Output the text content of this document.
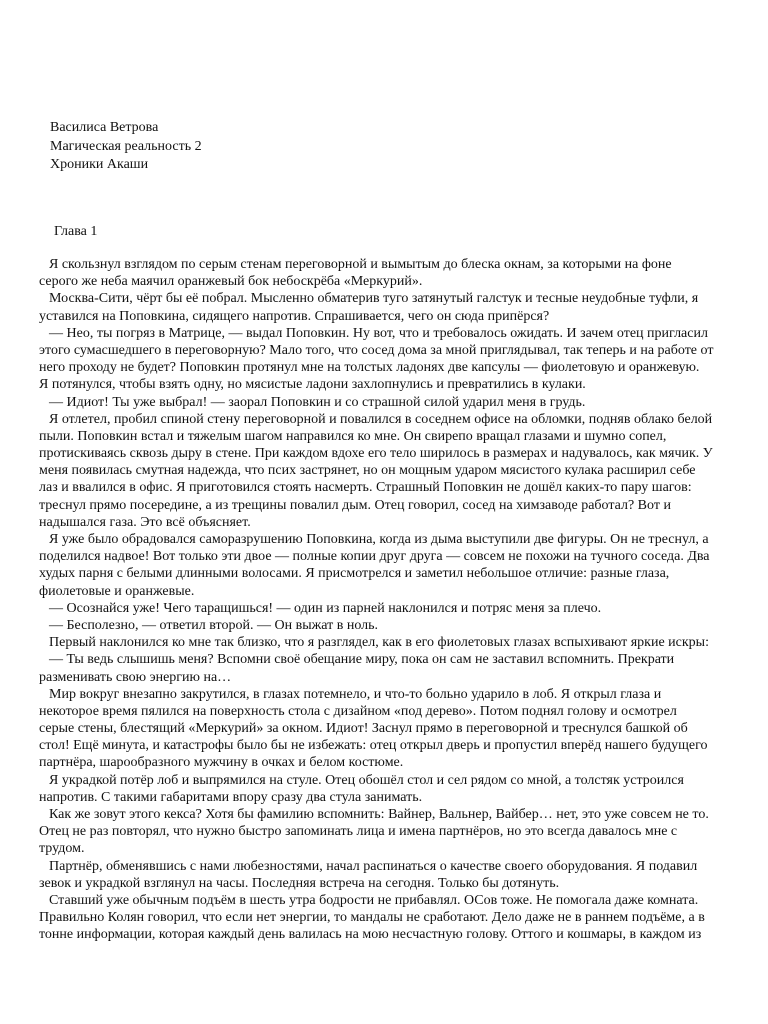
Василиса Ветрова
Магическая реальность 2
Хроники Акаши
Глава 1
Я скользнул взглядом по серым стенам переговорной и вымытым до блеска окнам, за которыми на фоне
серого же неба маячил оранжевый бок небоскрёба «Меркурий».
Москва-Сити, чёрт бы её побрал. Мысленно обматерив туго затянутый галстук и тесные неудобные туфли, я
уставился на Поповкина, сидящего напротив. Спрашивается, чего он сюда припёрся?
— Нео, ты погряз в Матрице, — выдал Поповкин. Ну вот, что и требовалось ожидать. И зачем отец пригласил
этого сумасшедшего в переговорную? Мало того, что сосед дома за мной приглядывал, так теперь и на работе от
него проходу не будет? Поповкин протянул мне на толстых ладонях две капсулы — фиолетовую и оранжевую.
Я потянулся, чтобы взять одну, но мясистые ладони захлопнулись и превратились в кулаки.
— Идиот! Ты уже выбрал! — заорал Поповкин и со страшной силой ударил меня в грудь.
Я отлетел, пробил спиной стену переговорной и повалился в соседнем офисе на обломки, подняв облако белой
пыли. Поповкин встал и тяжелым шагом направился ко мне. Он свирепо вращал глазами и шумно сопел,
протискиваясь сквозь дыру в стене. При каждом вдохе его тело ширилось в размерах и надувалось, как мячик. У
меня появилась смутная надежда, что псих застрянет, но он мощным ударом мясистого кулака расширил себе
лаз и ввалился в офис. Я приготовился стоять насмерть. Страшный Поповкин не дошёл каких-то пару шагов:
треснул прямо посередине, а из трещины повалил дым. Отец говорил, сосед на химзаводе работал? Вот и
надышался газа. Это всё объясняет.
Я уже было обрадовался саморазрушению Поповкина, когда из дыма выступили две фигуры. Он не треснул, а
поделился надвое! Вот только эти двое — полные копии друг друга — совсем не похожи на тучного соседа. Два
худых парня с белыми длинными волосами. Я присмотрелся и заметил небольшое отличие: разные глаза,
фиолетовые и оранжевые.
— Осознайся уже! Чего таращишься! — один из парней наклонился и потряс меня за плечо.
— Бесполезно, — ответил второй. — Он выжат в ноль.
Первый наклонился ко мне так близко, что я разглядел, как в его фиолетовых глазах вспыхивают яркие искры:
— Ты ведь слышишь меня? Вспомни своё обещание миру, пока он сам не заставил вспомнить. Прекрати
разменивать свою энергию на…
Мир вокруг внезапно закрутился, в глазах потемнело, и что-то больно ударило в лоб. Я открыл глаза и
некоторое время пялился на поверхность стола с дизайном «под дерево». Потом поднял голову и осмотрел
серые стены, блестящий «Меркурий» за окном. Идиот! Заснул прямо в переговорной и треснулся башкой об
стол! Ещё минута, и катастрофы было бы не избежать: отец открыл дверь и пропустил вперёд нашего будущего
партнёра, шарообразного мужчину в очках и белом костюме.
Я украдкой потёр лоб и выпрямился на стуле. Отец обошёл стол и сел рядом со мной, а толстяк устроился
напротив. С такими габаритами впору сразу два стула занимать.
Как же зовут этого кекса? Хотя бы фамилию вспомнить: Вайнер, Вальнер, Вайбер… нет, это уже совсем не то.
Отец не раз повторял, что нужно быстро запоминать лица и имена партнёров, но это всегда давалось мне с
трудом.
Партнёр, обменявшись с нами любезностями, начал распинаться о качестве своего оборудования. Я подавил
зевок и украдкой взглянул на часы. Последняя встреча на сегодня. Только бы дотянуть.
Ставший уже обычным подъём в шесть утра бодрости не прибавлял. ОСов тоже. Не помогала даже комната.
Правильно Колян говорил, что если нет энергии, то мандалы не сработают. Дело даже не в раннем подъёме, а в
тонне информации, которая каждый день валилась на мою несчастную голову. Оттого и кошмары, в каждом из
